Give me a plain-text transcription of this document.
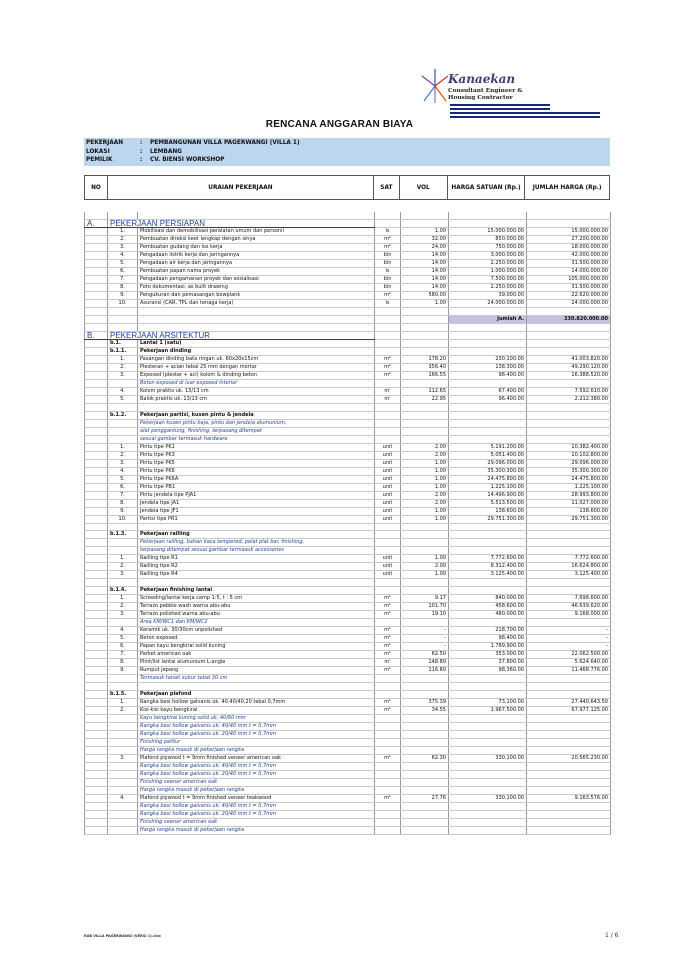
Kanaekan
Consultant Engineer &
Housing Contractor
RENCANA ANGGARAN BIAYA
PEKERJAAN	: PEMBANGUNAN VILLA PAGERWANGI (VILLA 1)
LOKASI	: LEMBANG
PEMILIK	: CV. BIENSI WORKSHOP
NO	URAIAN PEKERJAAN	SAT	VOL	HARGA SATUAN (Rp.)	JUMLAH HARGA (Rp.)

A.	PEKERJAAN PERSIAPAN					
	1.	Mobilisasi dan demobilisasi peralatan umum dan personil	ls	1.00	15.000.000.00	15.000.000.00
	2.	Pembuatan direksi keet lengkap dengan sinya	m²	32.00	850.000.00	27.200.000.00
	3.	Pembuatan gudang dan los kerja	m²	24.00	750.000.00	18.000.000.00
	4.	Pengadaan listrik kerja dan jaringannya	bln	14.00	3.000.000.00	42.000.000.00
	5.	Pengadaan air kerja dan jaringannya	bln	14.00	2.250.000.00	31.500.000.00
	6.	Pembuatan papan nama proyek	ls	14.00	1.000.000.00	14.000.000.00
	7.	Pengadaan pengamanan proyek dan sosialisasi	bln	14.00	7.500.000.00	105.000.000.00
	8.	Foto dokumentasi, as built drawing	bln	14.00	2.250.000.00	31.500.000.00
	9.	Pengukuran dan pemasangan bowplank	m²	580.00	39.000.00	22.620.000.00
	10.	Asuransi (CAR, TPL dan tenaga kerja)	ls	1.00	24.000.000.00	24.000.000.00

					Jumlah A.	330.820.000.00

B.	PEKERJAAN ARSITEKTUR					
	b.1.	Lantai 1 (satu)				
	b.1.1.	Pekerjaan dinding				
	1.	Pasangan dinding bata ringan uk. 60x20x15cm	m²	178.20	230.100.00	41.003.820.00
	2.	Plesteran + acian tebal 25 mm dengan mortar	m²	356.40	138.300.00	49.290.120.00
	3.	Exposed (plester + aci) kolom & dinding beton	m²	166.55	98.400.00	16.388.520.00
		Beton exposed di luar exposed interior				
	4.	Kolom praktis uk. 13/13 cm	m'	112.65	67.400.00	7.592.610.00
	5.	Balok praktis uk. 13/13 cm	m'	22.95	96.400.00	2.212.380.00

	b.1.2.	Pekerjaan partisi, kusen pintu & jendela				
		Pekerjaan kusen pintu baja, pintu dan jendela alumunium,				
		alat penggantung, finishing, terpasang ditempat				
		sesuai gambar termasuk hardware				
	1.	Pintu tipe PK1	unit	2.00	5.191.200.00	10.382.400.00
	2.	Pintu tipe PK3	unit	2.00	5.051.400.00	10.102.800.00
	3.	Pintu tipe PK5	unit	1.00	29.096.000.00	29.096.000.00
	4.	Pintu tipe PK6	unit	1.00	35.300.300.00	35.300.300.00
	5.	Pintu tipe PK6A	unit	1.00	24.475.800.00	24.475.800.00
	6.	Pintu tipe PB1	unit	1.00	1.225.100.00	1.225.100.00
	7.	Pintu jendela tipe PJA1	unit	2.00	14.496.900.00	28.993.800.00
	8.	Jendela tipe JA1	unit	2.00	5.513.500.00	11.027.000.00
	9.	Jendela tipe JF1	unit	1.00	138.600.00	138.600.00
	10.	Partisi tipe PR1	unit	1.00	29.751.300.00	29.751.300.00

	b.1.3.	Pekerjaan railling				
		Pekerjaan railling, bahan kaca tempered, pelat plat bar, finishing,				
		terpasang ditempat sesuai gambar termasuk accessories				
	1.	Railling tipe R1	unit	1.00	7.772.600.00	7.772.600.00
	2.	Railling tipe R2	unit	2.00	8.312.400.00	16.624.800.00
	3.	Railling tipe R4	unit	1.00	3.125.400.00	3.125.400.00

	b.1.4.	Pekerjaan finishing lantai				
	1.	Screeding/lantai kerja camp 1:5, t : 5 cm	m²	9.17	840.000.00	7.698.600.00
	2.	Terrazo pebble wash warna abu-abu	m²	101.70	458.600.00	46.639.620.00
	3.	Terrazo polished warna abu-abu	m²	19.10	480.000.00	9.168.000.00
		Area KM/WC1 dan KM/WC2				
	4.	Keramik uk. 30/30cm unpolished	m²	-	218.700.00	-
	5.	Beton exposed	m²	-	98.400.00	-
	6.	Papan kayu bengkirai solid kuning	m²	-	1.789.900.00	-
	7.	Parket american oak	m²	62.50	353.000.00	22.062.500.00
	8.	Plint/list lantai alumunium L-angle	m'	148.80	37.800.00	5.624.640.00
	9.	Rumput jepang	m²	116.60	98.360.00	11.468.776.00
		Termasuk tanah subur tebal 30 cm				

	b.1.5.	Pekerjaan plafond				
	1.	Rangka besi hollow galvanis uk. 40.40/40.20 tebal 0,7mm	m²	375.39	73.100.00	27.440.643.50
	2.	Kisi-kisi kayu bengkirai	m²	34.55	1.967.500.00	67.977.125.00
		Kayu bengkirai kuning solid uk. 40/60 mm				
		Rangka besi hollow galvanis uk. 40/40 mm t = 0,7mm				
		Rangka besi hollow galvanis uk. 20/40 mm t = 0,7mm				
		Finishing pelitur				
		Harga rangka masuk di pekerjaan rangka				
	3.	Plafond plywood t = 9mm finished veneer american oak	m²	62.30	330.100.00	20.565.230.00
		Rangka besi hollow galvanis uk. 40/40 mm t = 0,7mm				
		Rangka besi hollow galvanis uk. 20/40 mm t = 0,7mm				
		Finishing veener american oak				
		Harga rangka masuk di pekerjaan rangka				
	4.	Plafond plywood t = 9mm finished veneer teakwood	m²	27.76	330.100.00	9.163.576.00
		Rangka besi hollow galvanis uk. 40/40 mm t = 0,7mm				
		Rangka besi hollow galvanis uk. 20/40 mm t = 0,7mm				
		Finishing veener american oak				
		Harga rangka masuk di pekerjaan rangka				
RAB VILLA PAGERWANGI (VERSI 1).xlsx	1 / 6
